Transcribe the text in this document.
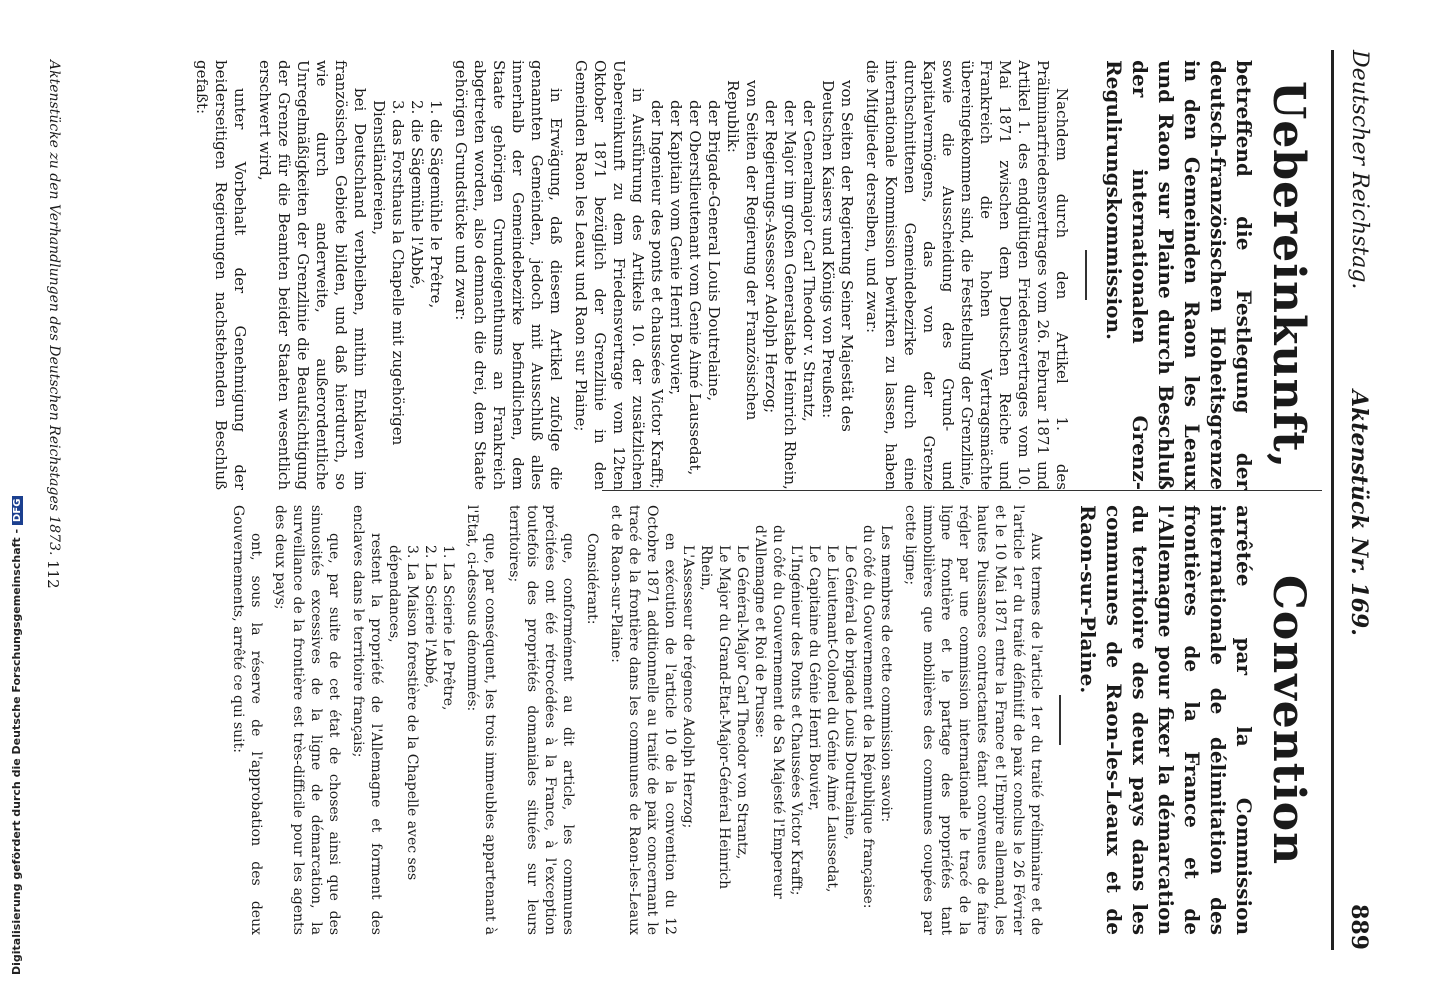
Deutscher Reichstag.
Aktenstück Nr. 169.
889
Uebereinkunft,
betreffend die Festlegung der deutsch-französischen Hoheitsgrenze in den Gemeinden Raon les Leaux und Raon sur Plaine durch Beschluß der internationalen Grenz-Regulirungskommission.

Nachdem durch den Artikel 1. des Präliminarfriedensvertrages vom 26. Februar 1871 und Artikel 1. des endgültigen Friedensvertrages vom 10. Mai 1871 zwischen dem Deutschen Reiche und Frankreich die hohen Vertragsmächte übereingekommen sind, die Feststellung der Grenzlinie, sowie die Ausscheidung des Grund- und Kapitalvermögens, das von der Grenze durchschnittenen Gemeindebezirke durch eine internationale Kommission bewirken zu lassen, haben die Mitglieder derselben, und zwar:

von Seiten der Regierung Seiner Majestät des Deutschen Kaisers und Königs von Preußen:

der Generalmajor Carl Theodor v. Strantz,

der Major im großen Generalstabe Heinrich Rhein,

der Regierungs-Assessor Adolph Herzog;

von Seiten der Regierung der Französischen Republik:

der Brigade-General Louis Doutrelaine,

der Oberstlieutenant vom Genie Aimé Laussedat,

der Kapitain vom Genie Henri Bouvier,

der Ingenieur des ponts et chaussées Victor Krafft;

in Ausführung des Artikels 10. der zusätzlichen Uebereinkunft zu dem Friedensvertrage vom 12ten Oktober 1871 bezüglich der Grenzlinie in den Gemeinden Raon les Leaux und Raon sur Plaine;

in Erwägung, daß diesem Artikel zufolge die genannten Gemeinden, jedoch mit Ausschluß alles innerhalb der Gemeindebezirke befindlichen, dem Staate gehörigen Grundeigenthums an Frankreich abgetreten worden, also demnach die drei, dem Staate gehörigen Grundstücke und zwar:

1. die Sägemühle le Prêtre,

2. die Sägemühle l'Abbé,

3. das Forsthaus la Chapelle mit zugehörigen Dienstländereien,

bei Deutschland verbleiben, mithin Enklaven im französischen Gebiete bilden, und daß hierdurch, so wie durch anderweite, außerordentliche Unregelmäßigkeiten der Grenzlinie die Beaufsichtigung der Grenze für die Beamten beider Staaten wesentlich erschwert wird,

unter Vorbehalt der Genehmigung der beiderseitigen Regierungen nachstehenden Beschluß gefaßt:

Convention
arrêtée par la Commission internationale de délimitation des frontières de la France et de l'Allemagne pour fixer la démarcation du territoire des deux pays dans les communes de Raon-les-Leaux et de Raon-sur-Plaine.

Aux termes de l'article 1er du traité préliminaire et de l'article 1er du traité définitif de paix conclus le 26 Février et le 10 Mai 1871 entre la France et l'Empire allemand, les hautes Puissances contractantes étant convenues de faire régler par une commission internationale le tracé de la ligne frontière et le partage des propriétés tant immobilières que mobilières des communes coupées par cette ligne;

Les membres de cette commission savoir:

du côté du Gouvernement de la République française:

Le Général de brigade Louis Doutrelaine,

Le Lieutenant-Colonel du Génie Aimé Laussedat,

Le Capitaine du Génie Henri Bouvier,

L'Ingénieur des Ponts et Chaussées Victor Krafft;

du côté du Gouvernement de Sa Majesté l'Empereur d'Allemagne et Roi de Prusse:

Le Général-Major Carl Theodor von Strantz,

Le Major du Grand-Etat-Major-Général Heinrich Rhein,

L'Assesseur de régence Adolph Herzog;

en exécution de l'article 10 de la convention du 12 Octobre 1871 additionnelle au traité de paix concernant le tracé de la frontière dans les communes de Raon-les-Leaux et de Raon-sur-Plaine:

Considérant:

que, conformément au dit article, les communes précitées ont été rétrocédées à la France, à l'exception toutefois des propriétés domaniales situées sur leurs territoires;

que, par conséquent, les trois immeubles appartenant à l'Etat, ci-dessous dénommés:

1. La Scierie Le Prêtre,

2. La Scierie l'Abbé,

3. La Maison forestière de la Chapelle avec ses dépendances,

restent la propriété de l'Allemagne et forment des enclaves dans le territoire français;

que, par suite de cet état de choses ainsi que des sinuosités excessives de la ligne de démarcation, la surveillance de la frontière est très-difficile pour les agents des deux pays;

ont, sous la réserve de l'approbation des deux Gouvernements, arrêté ce qui suit:

Aktenstücke zu den Verhandlungen des Deutschen Reichstages 1873.
112
Digitalisierung gefördert durch die Deutsche Forschungsgemeinschaft -DFG
